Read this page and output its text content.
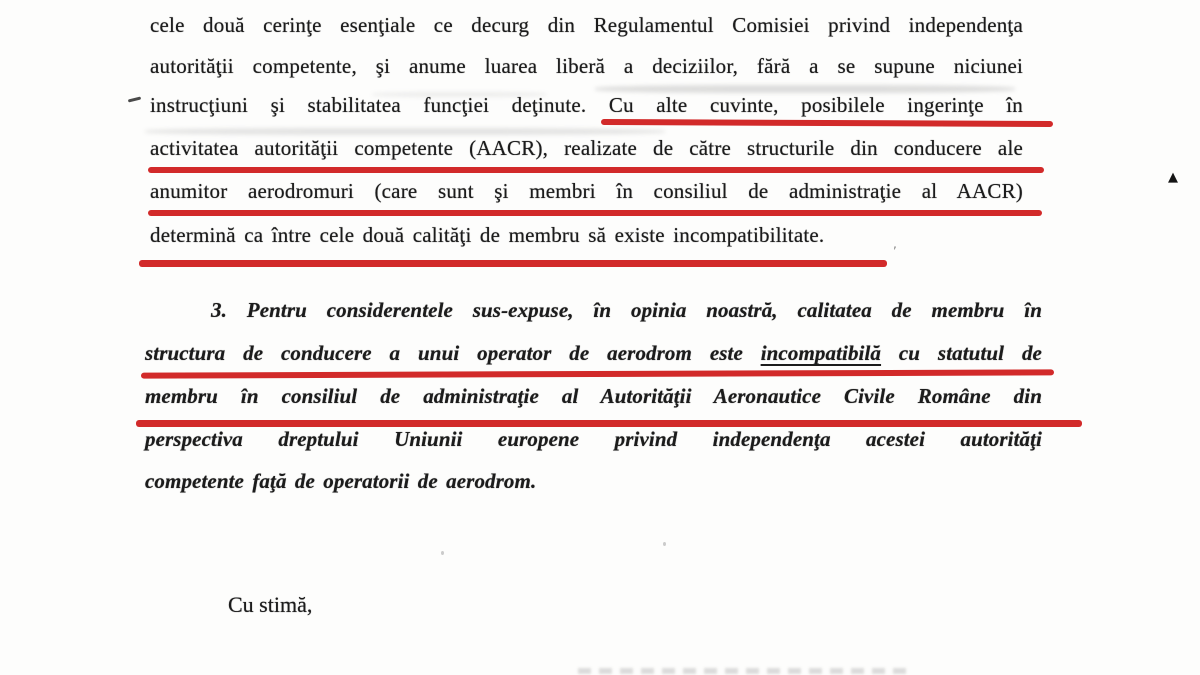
cele două cerinţe esenţiale ce decurg din Regulamentul Comisiei privind independenţa
autorităţii competente, şi anume luarea liberă a deciziilor, fără a se supune niciunei
instrucţiuni şi stabilitatea funcţiei deţinute. Cu alte cuvinte, posibilele ingerinţe în
activitatea autorităţii competente (AACR), realizate de către structurile din conducere ale
anumitor aerodromuri (care sunt şi membri în consiliul de administraţie al AACR)
determină ca între cele două calităţi de membru să existe incompatibilitate.
3. Pentru considerentele sus-expuse, în opinia noastră, calitatea de membru în
structura de conducere a unui operator de aerodrom este incompatibilă cu statutul de
membru în consiliul de administraţie al Autorităţii Aeronautice Civile Române din
perspectiva dreptului Uniunii europene privind independenţa acestei autorităţi
competente faţă de operatorii de aerodrom.
Cu stimă,
▲
'
